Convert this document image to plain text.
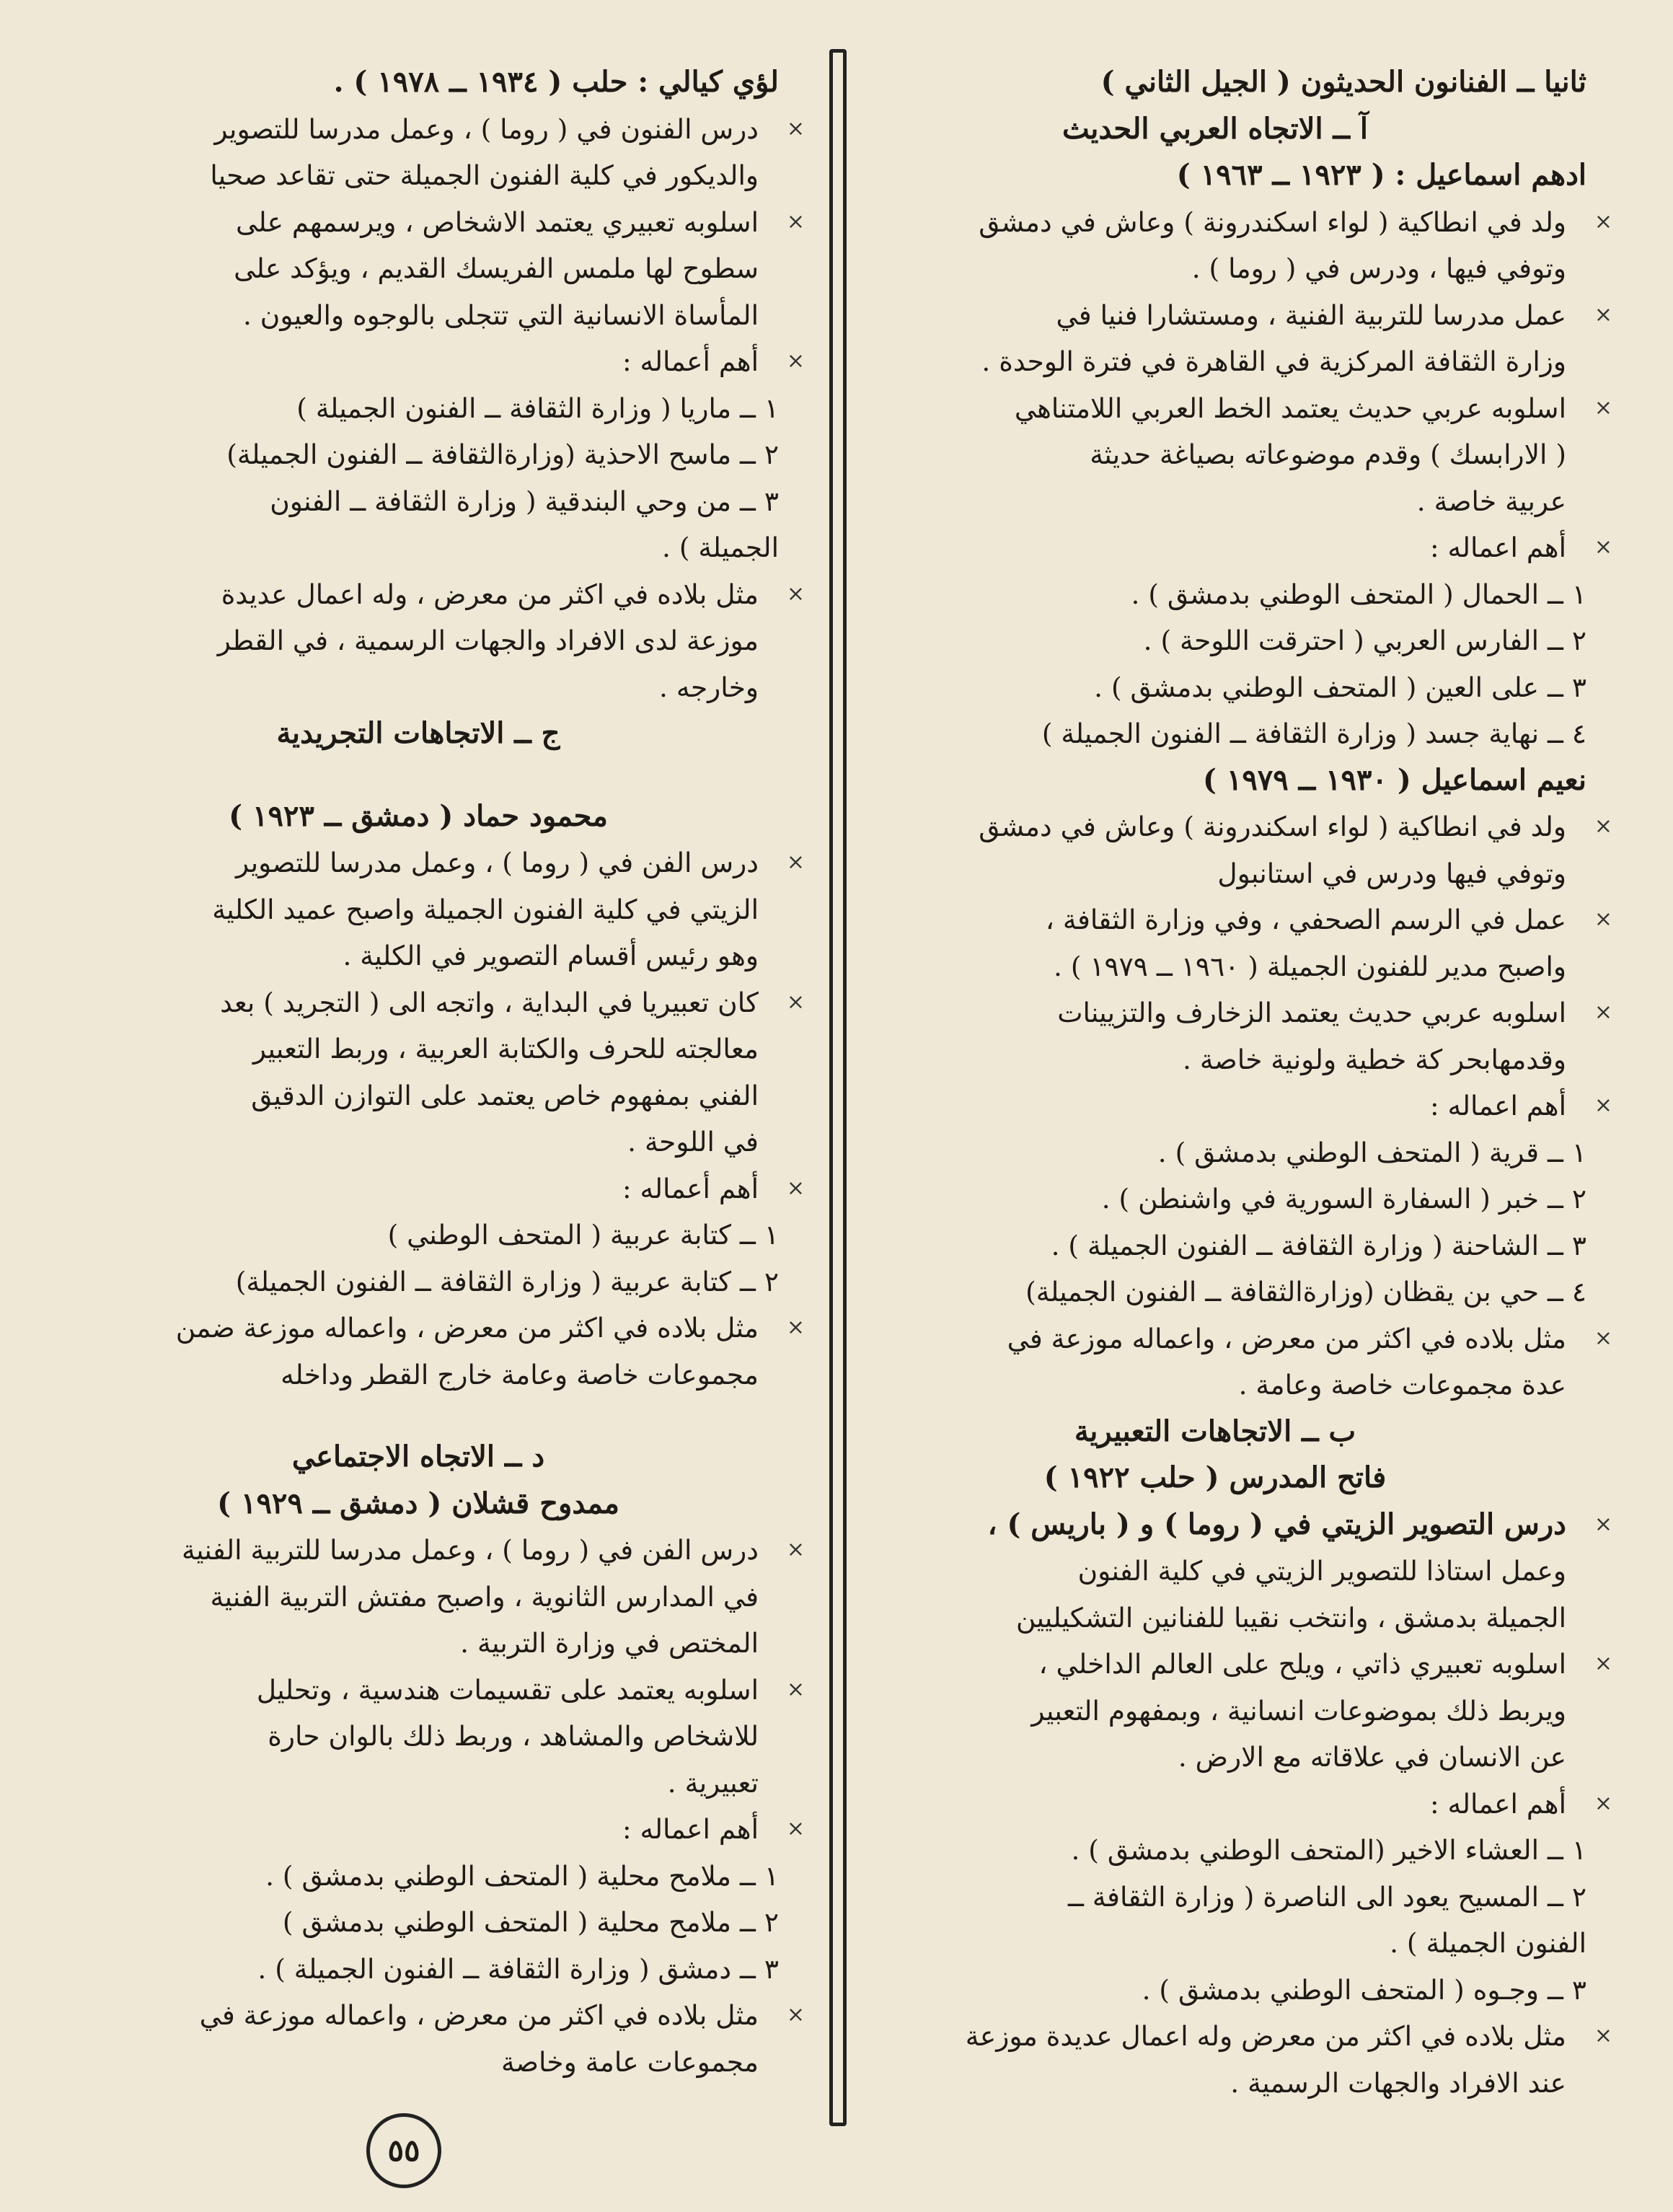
ثانيا ــ الفنانون الحديثون ( الجيل الثاني )
آ ــ الاتجاه العربي الحديث
ادهم اسماعيل : ( ١٩٢٣ ــ ١٩٦٣ )
×
ولد في انطاكية ( لواء اسكندرونة ) وعاش في دمشق
وتوفي فيها ، ودرس في ( روما ) .
×
عمل مدرسا للتربية الفنية ، ومستشارا فنيا في
وزارة الثقافة المركزية في القاهرة في فترة الوحدة .
×
اسلوبه عربي حديث يعتمد الخط العربي اللامتناهي
( الارابسك ) وقدم موضوعاته بصياغة حديثة
عربية خاصة .
×
أهم اعماله :
١ ــ الحمال ( المتحف الوطني بدمشق ) .
٢ ــ الفارس العربي ( احترقت اللوحة ) .
٣ ــ على العين ( المتحف الوطني بدمشق ) .
٤ ــ نهاية جسد ( وزارة الثقافة ــ الفنون الجميلة )
نعيم اسماعيل ( ١٩٣٠ ــ ١٩٧٩ )
×
ولد في انطاكية ( لواء اسكندرونة ) وعاش في دمشق
وتوفي فيها ودرس في استانبول
×
عمل في الرسم الصحفي ، وفي وزارة الثقافة ،
واصبح مدير للفنون الجميلة ( ١٩٦٠ ــ ١٩٧٩ ) .
×
اسلوبه عربي حديث يعتمد الزخارف والتزيينات
وقدمهابحر كة خطية ولونية خاصة .
×
أهم اعماله :
١ ــ قرية ( المتحف الوطني بدمشق ) .
٢ ــ خبر ( السفارة السورية في واشنطن ) .
٣ ــ الشاحنة ( وزارة الثقافة ــ الفنون الجميلة ) .
٤ ــ حي بن يقظان (وزارةالثقافة ــ الفنون الجميلة)
×
مثل بلاده في اكثر من معرض ، واعماله موزعة في
عدة مجموعات خاصة وعامة .
ب ــ الاتجاهات التعبيرية
فاتح المدرس ( حلب ١٩٢٢ )
×
درس التصوير الزيتي في ( روما ) و ( باريس ) ،
وعمل استاذا للتصوير الزيتي في كلية الفنون
الجميلة بدمشق ، وانتخب نقيبا للفنانين التشكيليين
×
اسلوبه تعبيري ذاتي ، ويلح على العالم الداخلي ،
ويربط ذلك بموضوعات انسانية ، وبمفهوم التعبير
عن الانسان في علاقاته مع الارض .
×
أهم اعماله :
١ ــ العشاء الاخير (المتحف الوطني بدمشق ) .
٢ ــ المسيح يعود الى الناصرة ( وزارة الثقافة ــ
الفنون الجميلة ) .
٣ ــ وجـوه ( المتحف الوطني بدمشق ) .
×
مثل بلاده في اكثر من معرض وله اعمال عديدة موزعة
عند الافراد والجهات الرسمية .
لؤي كيالي : حلب ( ١٩٣٤ ــ ١٩٧٨ ) .
×
درس الفنون في ( روما ) ، وعمل مدرسا للتصوير
والديكور في كلية الفنون الجميلة حتى تقاعد صحيا
×
اسلوبه تعبيري يعتمد الاشخاص ، ويرسمهم على
سطوح لها ملمس الفريسك القديم ، ويؤكد على
المأساة الانسانية التي تتجلى بالوجوه والعيون .
×
أهم أعماله :
١ ــ ماريا ( وزارة الثقافة ــ الفنون الجميلة )
٢ ــ ماسح الاحذية (وزارةالثقافة ــ الفنون الجميلة)
٣ ــ من وحي البندقية ( وزارة الثقافة ــ الفنون
الجميلة ) .
×
مثل بلاده في اكثر من معرض ، وله اعمال عديدة
موزعة لدى الافراد والجهات الرسمية ، في القطر
وخارجه .
ج ــ الاتجاهات التجريدية
محمود حماد ( دمشق ــ ١٩٢٣ )
×
درس الفن في ( روما ) ، وعمل مدرسا للتصوير
الزيتي في كلية الفنون الجميلة واصبح عميد الكلية
وهو رئيس أقسام التصوير في الكلية .
×
كان تعبيريا في البداية ، واتجه الى ( التجريد ) بعد
معالجته للحرف والكتابة العربية ، وربط التعبير
الفني بمفهوم خاص يعتمد على التوازن الدقيق
في اللوحة .
×
أهم أعماله :
١ ــ كتابة عربية ( المتحف الوطني )
٢ ــ كتابة عربية ( وزارة الثقافة ــ الفنون الجميلة)
×
مثل بلاده في اكثر من معرض ، واعماله موزعة ضمن
مجموعات خاصة وعامة خارج القطر وداخله
د ــ الاتجاه الاجتماعي
ممدوح قشلان ( دمشق ــ ١٩٢٩ )
×
درس الفن في ( روما ) ، وعمل مدرسا للتربية الفنية
في المدارس الثانوية ، واصبح مفتش التربية الفنية
المختص في وزارة التربية .
×
اسلوبه يعتمد على تقسيمات هندسية ، وتحليل
للاشخاص والمشاهد ، وربط ذلك بالوان حارة
تعبيرية .
×
أهم اعماله :
١ ــ ملامح محلية ( المتحف الوطني بدمشق ) .
٢ ــ ملامح محلية ( المتحف الوطني بدمشق )
٣ ــ دمشق ( وزارة الثقافة ــ الفنون الجميلة ) .
×
مثل بلاده في اكثر من معرض ، واعماله موزعة في
مجموعات عامة وخاصة
٥٥
